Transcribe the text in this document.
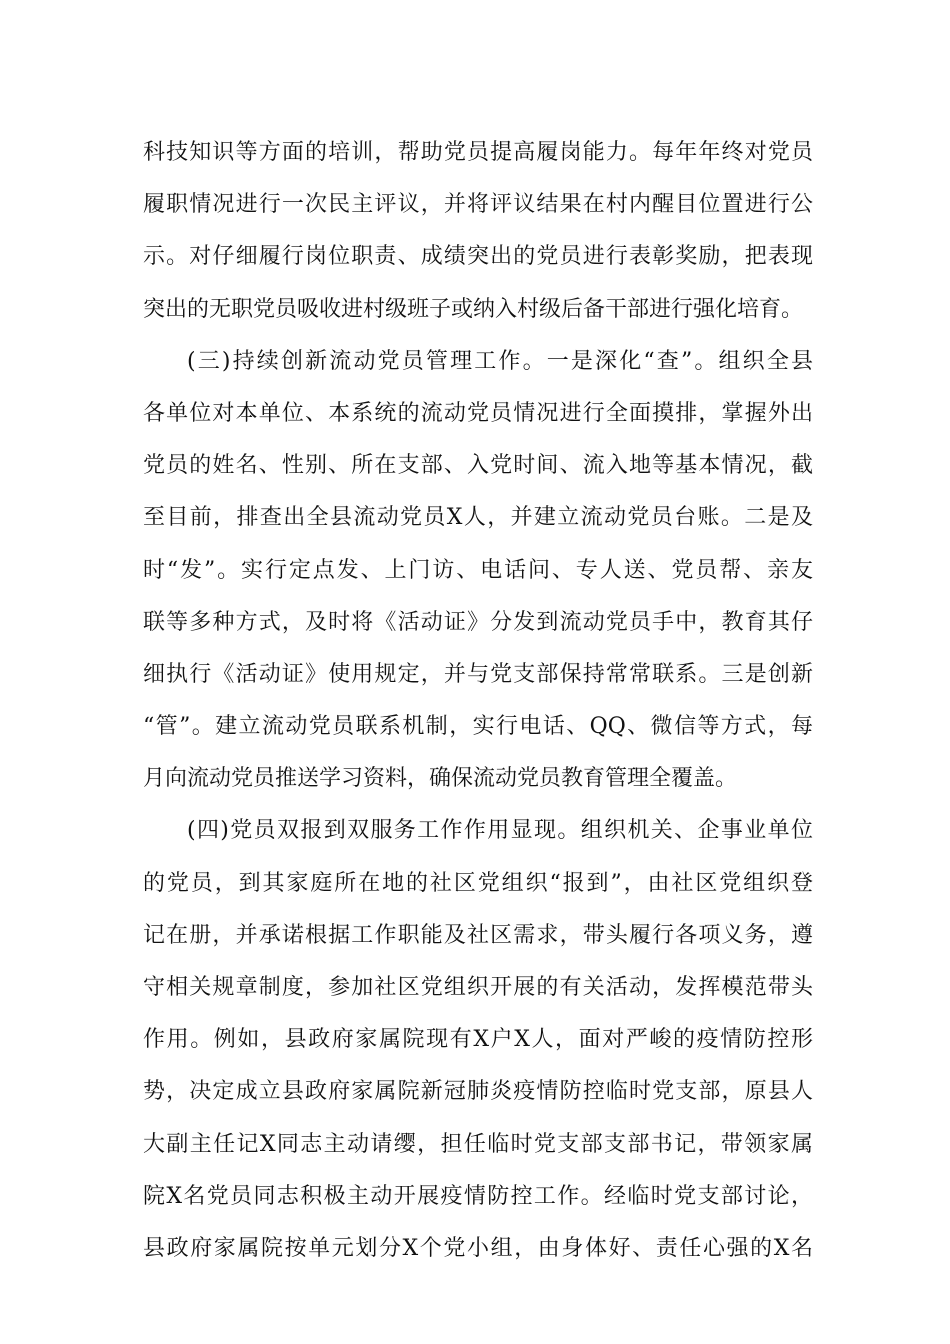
科技知识等方面的培训，帮助党员提高履岗能力。每年年终对党员
履职情况进行一次民主评议，并将评议结果在村内醒目位置进行公
示。对仔细履行岗位职责、成绩突出的党员进行表彰奖励，把表现
突出的无职党员吸收进村级班子或纳入村级后备干部进行强化培育。
(三)持续创新流动党员管理工作。一是深化“查”。组织全县
各单位对本单位、本系统的流动党员情况进行全面摸排，掌握外出
党员的姓名、性别、所在支部、入党时间、流入地等基本情况，截
至目前，排查出全县流动党员X人，并建立流动党员台账。二是及
时“发”。实行定点发、上门访、电话问、专人送、党员帮、亲友
联等多种方式，及时将《活动证》分发到流动党员手中，教育其仔
细执行《活动证》使用规定，并与党支部保持常常联系。三是创新
“管”。建立流动党员联系机制，实行电话、QQ、微信等方式，每
月向流动党员推送学习资料，确保流动党员教育管理全覆盖。
(四)党员双报到双服务工作作用显现。组织机关、企事业单位
的党员，到其家庭所在地的社区党组织“报到”，由社区党组织登
记在册，并承诺根据工作职能及社区需求，带头履行各项义务，遵
守相关规章制度，参加社区党组织开展的有关活动，发挥模范带头
作用。例如，县政府家属院现有X户X人，面对严峻的疫情防控形
势，决定成立县政府家属院新冠肺炎疫情防控临时党支部，原县人
大副主任记X同志主动请缨，担任临时党支部支部书记，带领家属
院X名党员同志积极主动开展疫情防控工作。经临时党支部讨论，
县政府家属院按单元划分X个党小组，由身体好、责任心强的X名
